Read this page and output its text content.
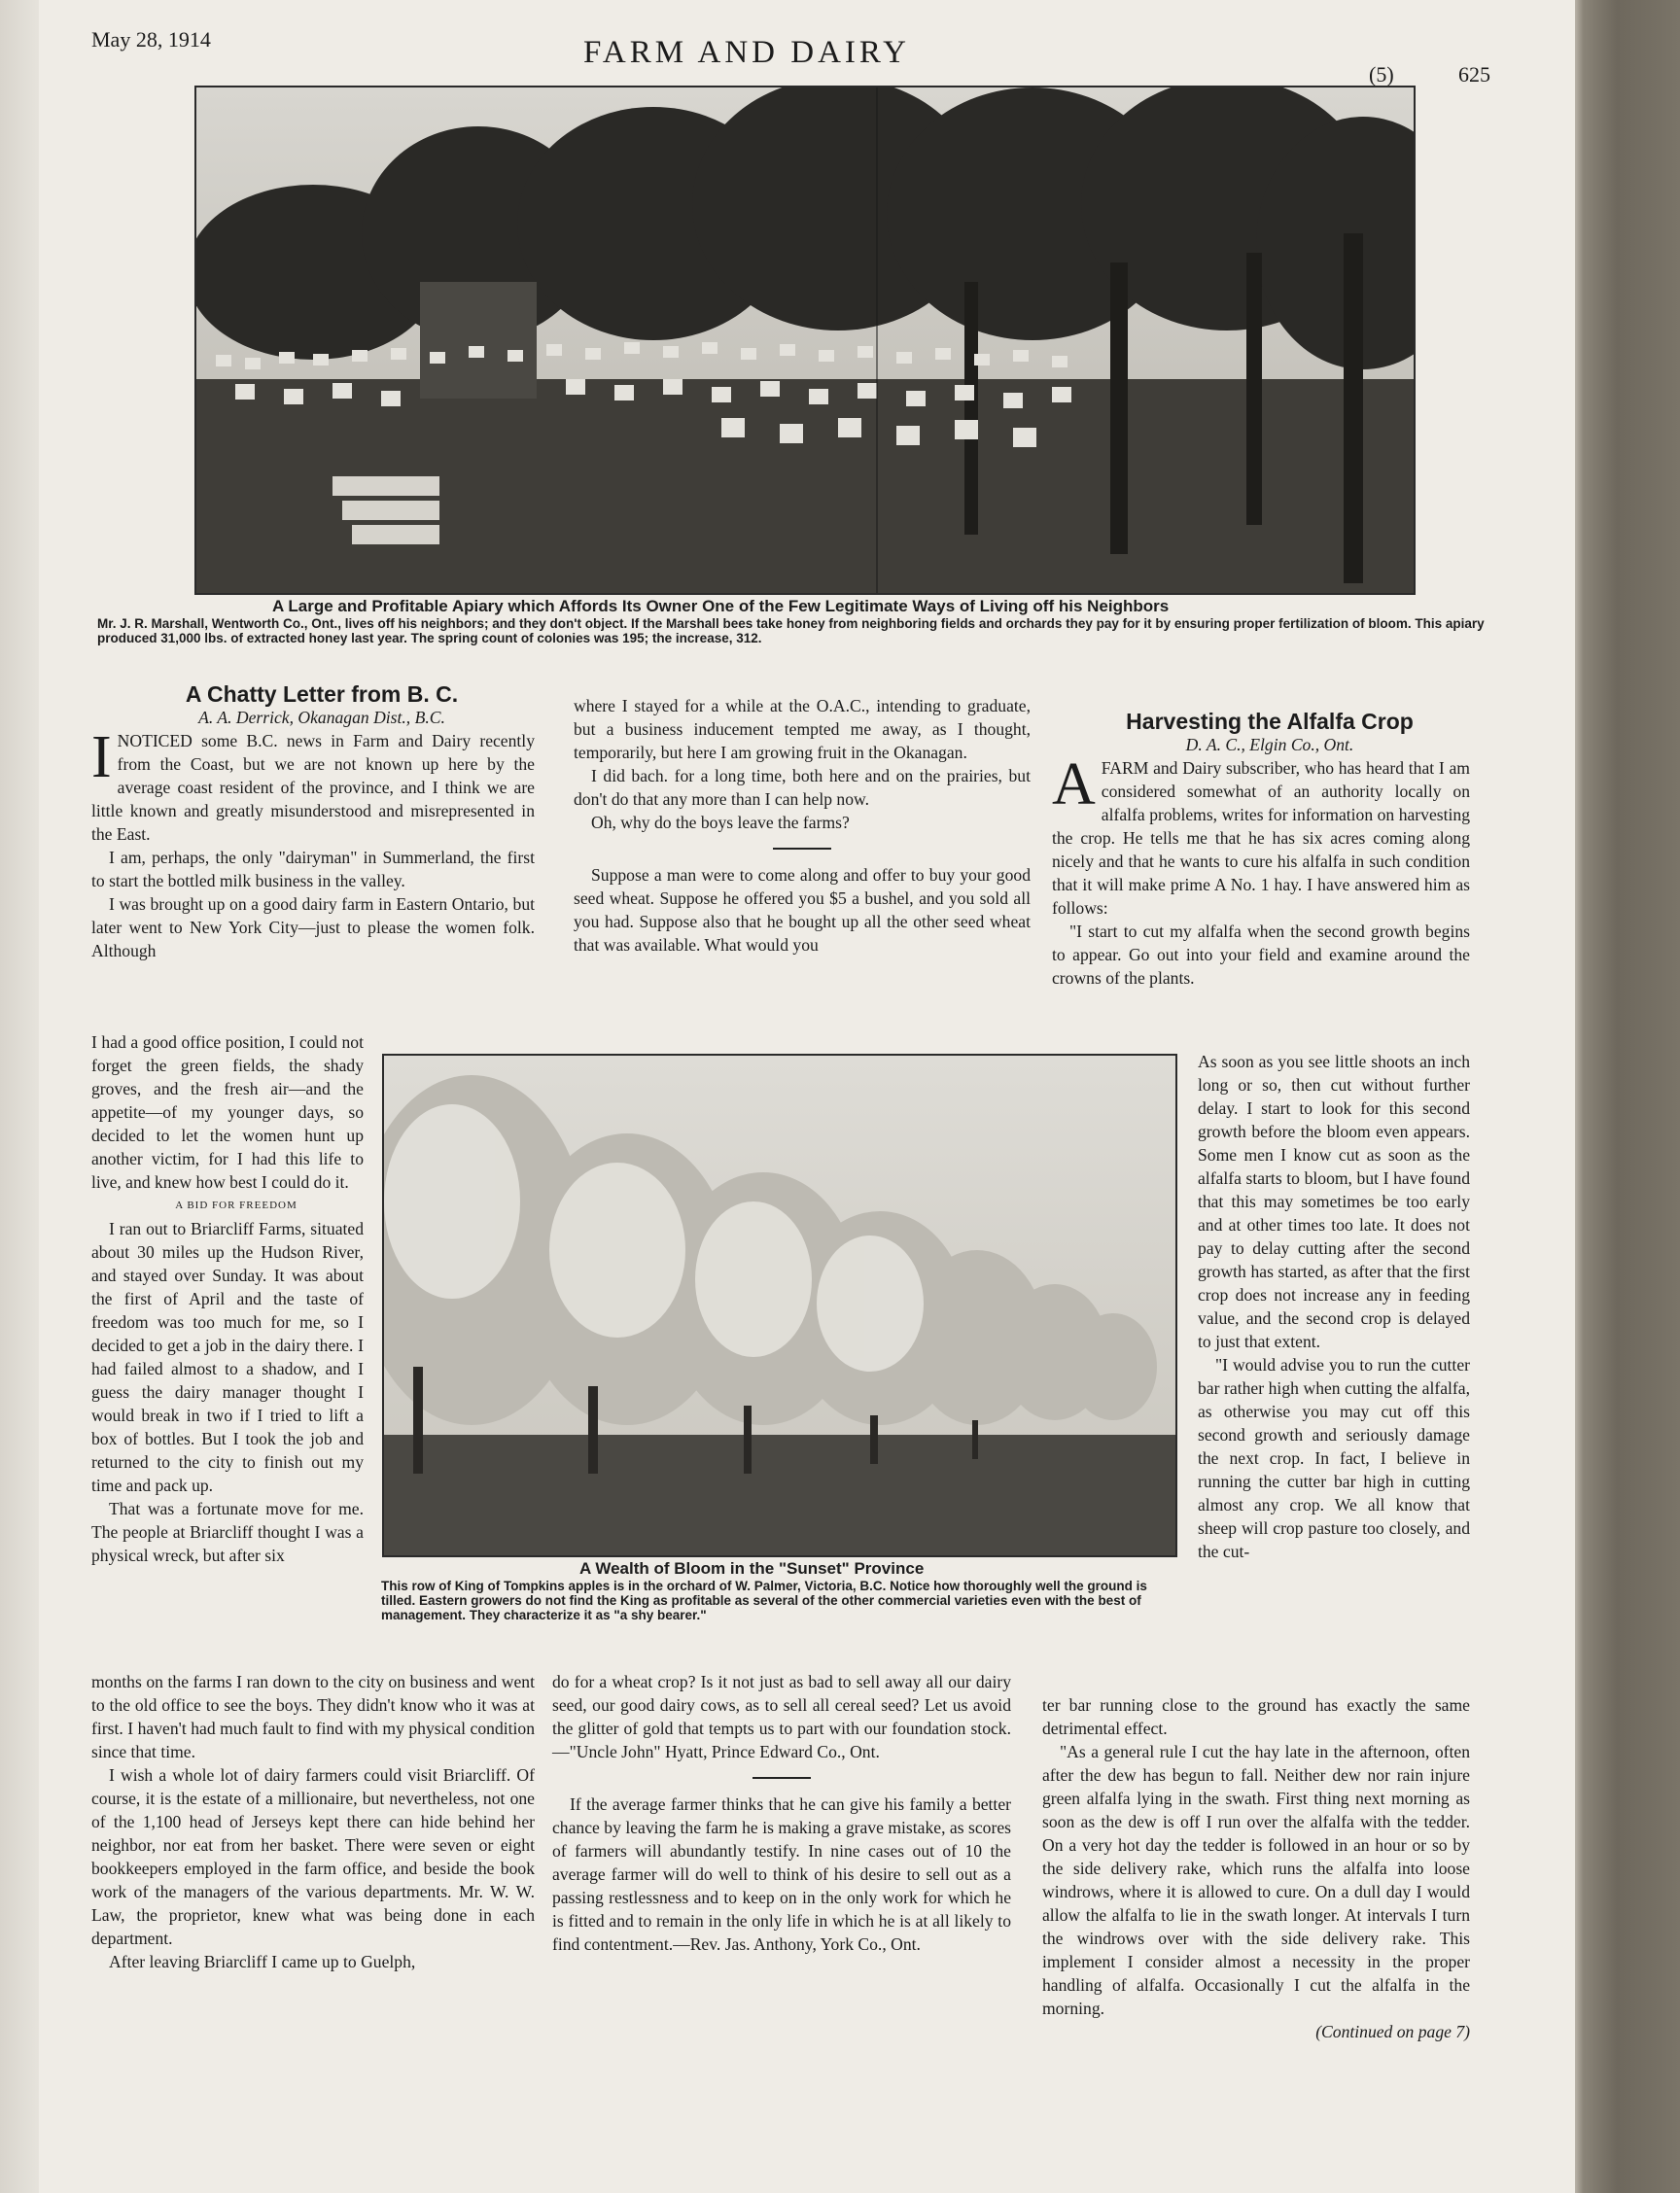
May 28, 1914	FARM AND DAIRY
(5)	625
A Large and Profitable Apiary which Affords Its Owner One of the Few Legitimate Ways of Living off his Neighbors
Mr. J. R. Marshall, Wentworth Co., Ont., lives off his neighbors; and they don't object. If the Marshall bees take honey from neighboring fields and orchards they pay for it by ensuring proper fertilization of bloom. This apiary produced 31,000 lbs. of extracted honey last year. The spring count of colonies was 195; the increase, 312.

A Chatty Letter from B. C.

A. A. Derrick, Okanagan Dist., B.C.

INOTICED some B.C. news in Farm and Dairy recently from the Coast, but we are not known up here by the average coast resident of the province, and I think we are little known and greatly misunderstood and misrepresented in the East.

I am, perhaps, the only "dairyman" in Summerland, the first to start the bottled milk business in the valley.

I was brought up on a good dairy farm in Eastern Ontario, but later went to New York City—just to please the women folk. Although

I had a good office position, I could not forget the green fields, the shady groves, and the fresh air—and the appetite—of my younger days, so decided to let the women hunt up another victim, for I had this life to live, and knew how best I could do it.

A BID FOR FREEDOM

I ran out to Briarcliff Farms, situated about 30 miles up the Hudson River, and stayed over Sunday. It was about the first of April and the taste of freedom was too much for me, so I decided to get a job in the dairy there. I had failed almost to a shadow, and I guess the dairy manager thought I would break in two if I tried to lift a box of bottles. But I took the job and returned to the city to finish out my time and pack up.

That was a fortunate move for me. The people at Briarcliff thought I was a physical wreck, but after six

months on the farms I ran down to the city on business and went to the old office to see the boys. They didn't know who it was at first. I haven't had much fault to find with my physical condition since that time.

I wish a whole lot of dairy farmers could visit Briarcliff. Of course, it is the estate of a millionaire, but nevertheless, not one of the 1,100 head of Jerseys kept there can hide behind her neighbor, nor eat from her basket. There were seven or eight bookkeepers employed in the farm office, and beside the book work of the managers of the various departments. Mr. W. W. Law, the proprietor, knew what was being done in each department.

After leaving Briarcliff I came up to Guelph,

where I stayed for a while at the O.A.C., intending to graduate, but a business inducement tempted me away, as I thought, temporarily, but here I am growing fruit in the Okanagan.

I did bach. for a long time, both here and on the prairies, but don't do that any more than I can help now.

Oh, why do the boys leave the farms?

Suppose a man were to come along and offer to buy your good seed wheat. Suppose he offered you $5 a bushel, and you sold all you had. Suppose also that he bought up all the other seed wheat that was available. What would you

A Wealth of Bloom in the "Sunset" Province
This row of King of Tompkins apples is in the orchard of W. Palmer, Victoria, B.C. Notice how thoroughly well the ground is tilled. Eastern growers do not find the King as profitable as several of the other commercial varieties even with the best of management. They characterize it as "a shy bearer."

do for a wheat crop? Is it not just as bad to sell away all our dairy seed, our good dairy cows, as to sell all cereal seed? Let us avoid the glitter of gold that tempts us to part with our foundation stock.—"Uncle John" Hyatt, Prince Edward Co., Ont.

If the average farmer thinks that he can give his family a better chance by leaving the farm he is making a grave mistake, as scores of farmers will abundantly testify. In nine cases out of 10 the average farmer will do well to think of his desire to sell out as a passing restlessness and to keep on in the only work for which he is fitted and to remain in the only life in which he is at all likely to find contentment.—Rev. Jas. Anthony, York Co., Ont.

Harvesting the Alfalfa Crop

D. A. C., Elgin Co., Ont.

AFARM and Dairy subscriber, who has heard that I am considered somewhat of an authority locally on alfalfa problems, writes for information on harvesting the crop. He tells me that he has six acres coming along nicely and that he wants to cure his alfalfa in such condition that it will make prime A No. 1 hay. I have answered him as follows:

"I start to cut my alfalfa when the second growth begins to appear. Go out into your field and examine around the crowns of the plants.

As soon as you see little shoots an inch long or so, then cut without further delay. I start to look for this second growth before the bloom even appears. Some men I know cut as soon as the alfalfa starts to bloom, but I have found that this may sometimes be too early and at other times too late. It does not pay to delay cutting after the second growth has started, as after that the first crop does not increase any in feeding value, and the second crop is delayed to just that extent.

"I would advise you to run the cutter bar rather high when cutting the alfalfa, as otherwise you may cut off this second growth and seriously damage the next crop. In fact, I believe in running the cutter bar high in cutting almost any crop. We all know that sheep will crop pasture too closely, and the cut-

ter bar running close to the ground has exactly the same detrimental effect.

"As a general rule I cut the hay late in the afternoon, often after the dew has begun to fall. Neither dew nor rain injure green alfalfa lying in the swath. First thing next morning as soon as the dew is off I run over the alfalfa with the tedder. On a very hot day the tedder is followed in an hour or so by the side delivery rake, which runs the alfalfa into loose windrows, where it is allowed to cure. On a dull day I would allow the alfalfa to lie in the swath longer. At intervals I turn the windrows over with the side delivery rake. This implement I consider almost a necessity in the proper handling of alfalfa. Occasionally I cut the alfalfa in the morning.

(Continued on page 7)
